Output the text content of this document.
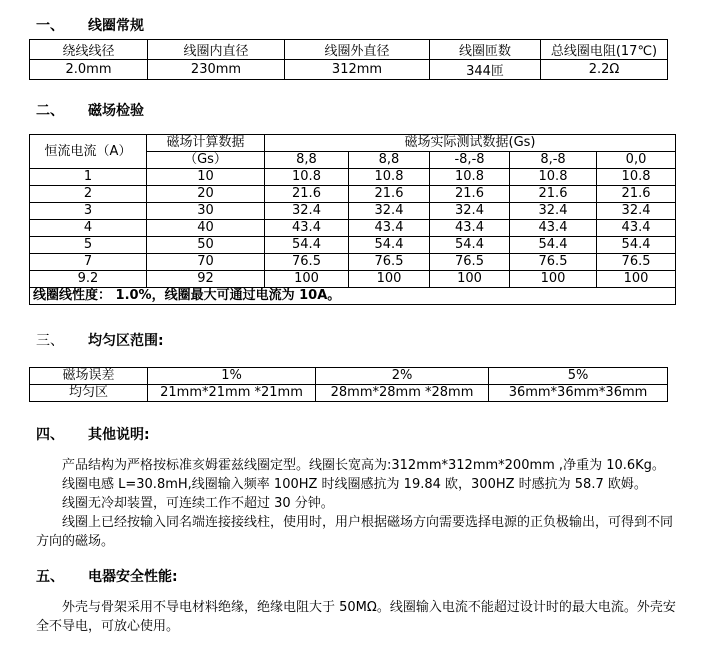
一、 线圈常规
绕线线径	线圈内直径	线圈外直径	线圈匝数	总线圈电阻(17℃)
2.0mm	230mm	312mm	344匝	2.2Ω
二、 磁场检验
恒流电流（A）	磁场计算数据	磁场实际测试数据(Gs)				
	（Gs）	8,8	8,8	-8,-8	8,-8	0,0
1	10	10.8	10.8	10.8	10.8	10.8
2	20	21.6	21.6	21.6	21.6	21.6
3	30	32.4	32.4	32.4	32.4	32.4
4	40	43.4	43.4	43.4	43.4	43.4
5	50	54.4	54.4	54.4	54.4	54.4
7	70	76.5	76.5	76.5	76.5	76.5
9.2	92	100	100	100	100	100
线圈线性度： 1.0%，线圈最大可通过电流为 10A。						
三、 均匀区范围:
磁场误差	1%	2%	5%
均匀区	21mm*21mm *21mm	28mm*28mm *28mm	36mm*36mm*36mm
四、 其他说明:

产品结构为严格按标准亥姆霍兹线圈定型。线圈长宽高为:312mm*312mm*200mm ,净重为 10.6Kg。

线圈电感 L=30.8mH,线圈输入频率 100HZ 时线圈感抗为 19.84 欧，300HZ 时感抗为 58.7 欧姆。

线圈无冷却装置，可连续工作不超过 30 分钟。

线圈上已经按输入同名端连接接线柱，使用时，用户根据磁场方向需要选择电源的正负极输出，可得到不同方向的磁场。

五、 电器安全性能:

外壳与骨架采用不导电材料绝缘，绝缘电阻大于 50MΩ。线圈输入电流不能超过设计时的最大电流。外壳安全不导电，可放心使用。
